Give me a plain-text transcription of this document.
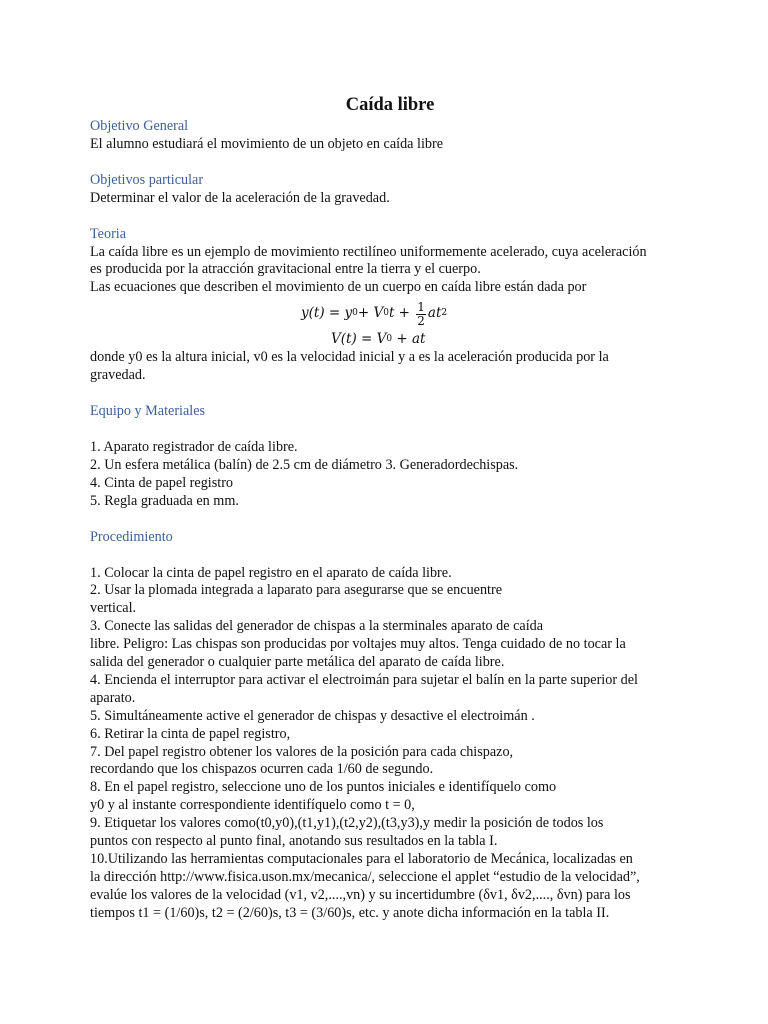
Caída libre
Objetivo General
El alumno estudiará el movimiento de un objeto en caída libre
Objetivos particular
Determinar el valor de la aceleración de la gravedad.
Teoria
La caída libre es un ejemplo de movimiento rectilíneo uniformemente acelerado, cuya aceleración
es producida por la atracción gravitacional entre la tierra y el cuerpo.
Las ecuaciones que describen el movimiento de un cuerpo en caída libre están dada por
y(t) = y 0 + V 0 $t + \frac{1}{2}$ at 2
V(t) = V 0 + at
donde y0 es la altura inicial, v0 es la velocidad inicial y a es la aceleración producida por la
gravedad.
Equipo y Materiales
1. Aparato registrador de caída libre.
2. Un esfera metálica (balín) de 2.5 cm de diámetro 3. Generadordechispas.
4. Cinta de papel registro
5. Regla graduada en mm.
Procedimiento
1. Colocar la cinta de papel registro en el aparato de caída libre.
2. Usar la plomada integrada a laparato para asegurarse que se encuentre
vertical.
3. Conecte las salidas del generador de chispas a la sterminales aparato de caída
libre. Peligro: Las chispas son producidas por voltajes muy altos. Tenga cuidado de no tocar la
salida del generador o cualquier parte metálica del aparato de caída libre.
4. Encienda el interruptor para activar el electroimán para sujetar el balín en la parte superior del
aparato.
5. Simultáneamente active el generador de chispas y desactive el electroimán .
6. Retirar la cinta de papel registro,
7. Del papel registro obtener los valores de la posición para cada chispazo,
recordando que los chispazos ocurren cada 1/60 de segundo.
8. En el papel registro, seleccione uno de los puntos iniciales e identifíquelo como
y0 y al instante correspondiente identifíquelo como t = 0,
9. Etiquetar los valores como(t0,y0),(t1,y1),(t2,y2),(t3,y3),y medir la posición de todos los
puntos con respecto al punto final, anotando sus resultados en la tabla I.
10.Utilizando las herramientas computacionales para el laboratorio de Mecánica, localizadas en
la dirección http://www.fisica.uson.mx/mecanica/, seleccione el applet “estudio de la velocidad”,
evalúe los valores de la velocidad (v1, v2,....,vn) y su incertidumbre (δv1, δv2,...., δvn) para los
tiempos t1 = (1/60)s, t2 = (2/60)s, t3 = (3/60)s, etc. y anote dicha información en la tabla II.
